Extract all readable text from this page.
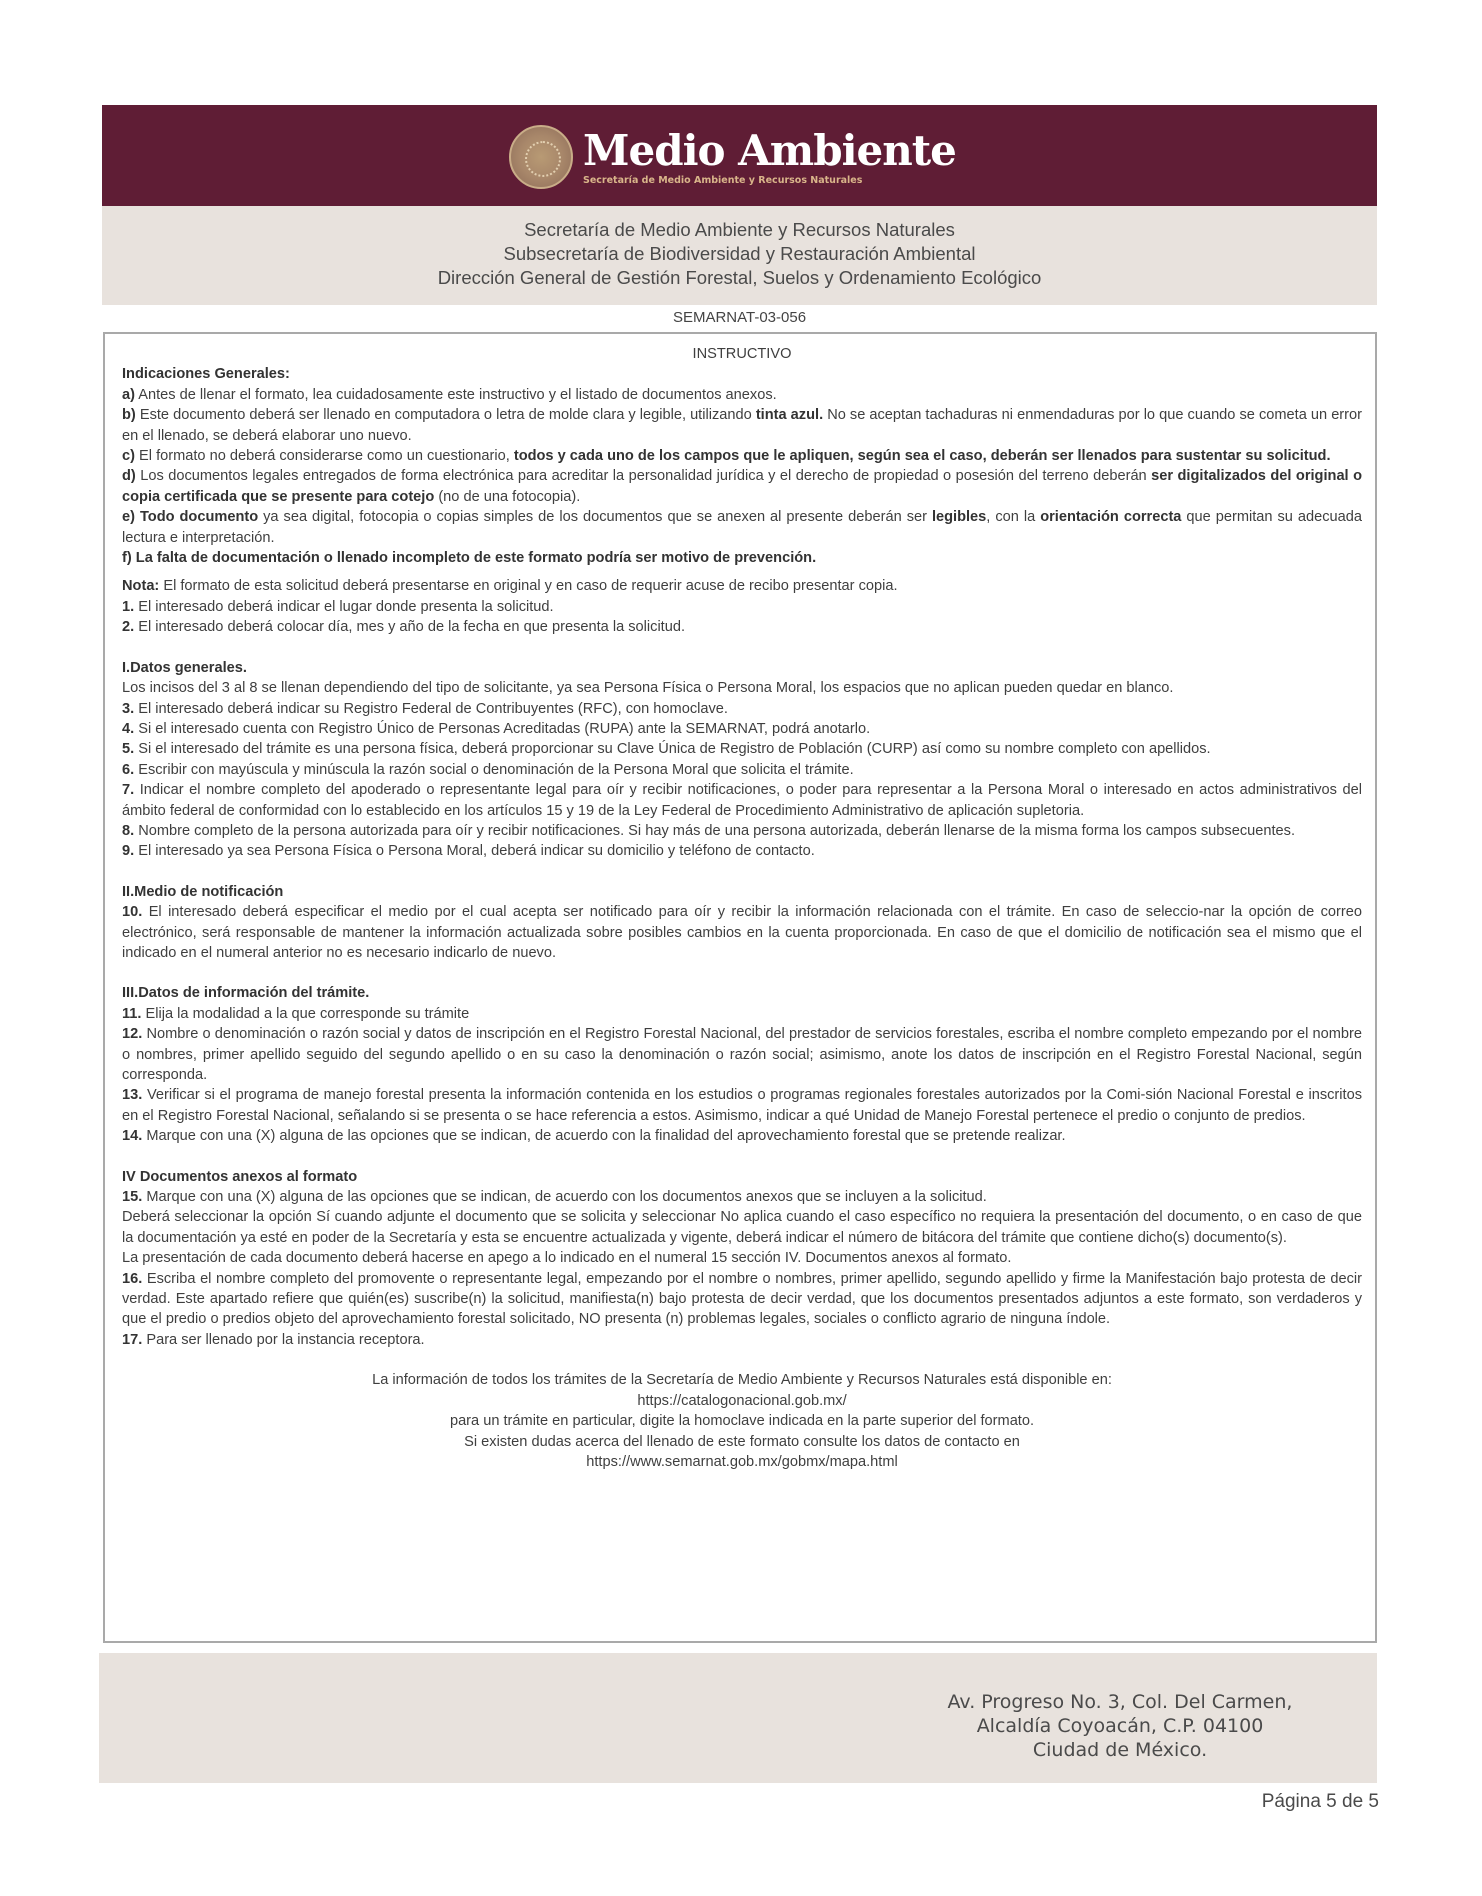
Medio Ambiente
Secretaría de Medio Ambiente y Recursos Naturales
Secretaría de Medio Ambiente y Recursos Naturales
Subsecretaría de Biodiversidad y Restauración Ambiental
Dirección General de Gestión Forestal, Suelos y Ordenamiento Ecológico
SEMARNAT-03-056

INSTRUCTIVO

Indicaciones Generales:

a) Antes de llenar el formato, lea cuidadosamente este instructivo y el listado de documentos anexos.

b) Este documento deberá ser llenado en computadora o letra de molde clara y legible, utilizando tinta azul. No se aceptan tachaduras ni enmendaduras por lo que cuando se cometa un error en el llenado, se deberá elaborar uno nuevo.

c) El formato no deberá considerarse como un cuestionario, todos y cada uno de los campos que le apliquen, según sea el caso, deberán ser llenados para sustentar su solicitud.

d) Los documentos legales entregados de forma electrónica para acreditar la personalidad jurídica y el derecho de propiedad o posesión del terreno deberán ser digitalizados del original o copia certificada que se presente para cotejo (no de una fotocopia).

e) Todo documento ya sea digital, fotocopia o copias simples de los documentos que se anexen al presente deberán ser legibles, con la orientación correcta que permitan su adecuada lectura e interpretación.

f) La falta de documentación o llenado incompleto de este formato podría ser motivo de prevención.

Nota: El formato de esta solicitud deberá presentarse en original y en caso de requerir acuse de recibo presentar copia.

1. El interesado deberá indicar el lugar donde presenta la solicitud.

2. El interesado deberá colocar día, mes y año de la fecha en que presenta la solicitud.

I.Datos generales.

Los incisos del 3 al 8 se llenan dependiendo del tipo de solicitante, ya sea Persona Física o Persona Moral, los espacios que no aplican pueden quedar en blanco.

3. El interesado deberá indicar su Registro Federal de Contribuyentes (RFC), con homoclave.

4. Si el interesado cuenta con Registro Único de Personas Acreditadas (RUPA) ante la SEMARNAT, podrá anotarlo.

5. Si el interesado del trámite es una persona física, deberá proporcionar su Clave Única de Registro de Población (CURP) así como su nombre completo con apellidos.

6. Escribir con mayúscula y minúscula la razón social o denominación de la Persona Moral que solicita el trámite.

7. Indicar el nombre completo del apoderado o representante legal para oír y recibir notificaciones, o poder para representar a la Persona Moral o interesado en actos administrativos del ámbito federal de conformidad con lo establecido en los artículos 15 y 19 de la Ley Federal de Procedimiento Administrativo de aplicación supletoria.

8. Nombre completo de la persona autorizada para oír y recibir notificaciones. Si hay más de una persona autorizada, deberán llenarse de la misma forma los campos subsecuentes.

9. El interesado ya sea Persona Física o Persona Moral, deberá indicar su domicilio y teléfono de contacto.

II.Medio de notificación

10. El interesado deberá especificar el medio por el cual acepta ser notificado para oír y recibir la información relacionada con el trámite. En caso de seleccio-nar la opción de correo electrónico, será responsable de mantener la información actualizada sobre posibles cambios en la cuenta proporcionada. En caso de que el domicilio de notificación sea el mismo que el indicado en el numeral anterior no es necesario indicarlo de nuevo.

III.Datos de información del trámite.

11. Elija la modalidad a la que corresponde su trámite

12. Nombre o denominación o razón social y datos de inscripción en el Registro Forestal Nacional, del prestador de servicios forestales, escriba el nombre completo empezando por el nombre o nombres, primer apellido seguido del segundo apellido o en su caso la denominación o razón social; asimismo, anote los datos de inscripción en el Registro Forestal Nacional, según corresponda.

13. Verificar si el programa de manejo forestal presenta la información contenida en los estudios o programas regionales forestales autorizados por la Comi-sión Nacional Forestal e inscritos en el Registro Forestal Nacional, señalando si se presenta o se hace referencia a estos. Asimismo, indicar a qué Unidad de Manejo Forestal pertenece el predio o conjunto de predios.

14. Marque con una (X) alguna de las opciones que se indican, de acuerdo con la finalidad del aprovechamiento forestal que se pretende realizar.

IV Documentos anexos al formato

15. Marque con una (X) alguna de las opciones que se indican, de acuerdo con los documentos anexos que se incluyen a la solicitud.

Deberá seleccionar la opción Sí cuando adjunte el documento que se solicita y seleccionar No aplica cuando el caso específico no requiera la presentación del documento, o en caso de que la documentación ya esté en poder de la Secretaría y esta se encuentre actualizada y vigente, deberá indicar el número de bitácora del trámite que contiene dicho(s) documento(s).

La presentación de cada documento deberá hacerse en apego a lo indicado en el numeral 15 sección IV. Documentos anexos al formato.

16. Escriba el nombre completo del promovente o representante legal, empezando por el nombre o nombres, primer apellido, segundo apellido y firme la Manifestación bajo protesta de decir verdad. Este apartado refiere que quién(es) suscribe(n) la solicitud, manifiesta(n) bajo protesta de decir verdad, que los documentos presentados adjuntos a este formato, son verdaderos y que el predio o predios objeto del aprovechamiento forestal solicitado, NO presenta (n) problemas legales, sociales o conflicto agrario de ninguna índole.

17. Para ser llenado por la instancia receptora.

La información de todos los trámites de la Secretaría de Medio Ambiente y Recursos Naturales está disponible en:

https://catalogonacional.gob.mx/

para un trámite en particular, digite la homoclave indicada en la parte superior del formato.

Si existen dudas acerca del llenado de este formato consulte los datos de contacto en

https://www.semarnat.gob.mx/gobmx/mapa.html

Av. Progreso No. 3, Col. Del Carmen,
Alcaldía Coyoacán, C.P. 04100
Ciudad de México.
Página 5 de 5
